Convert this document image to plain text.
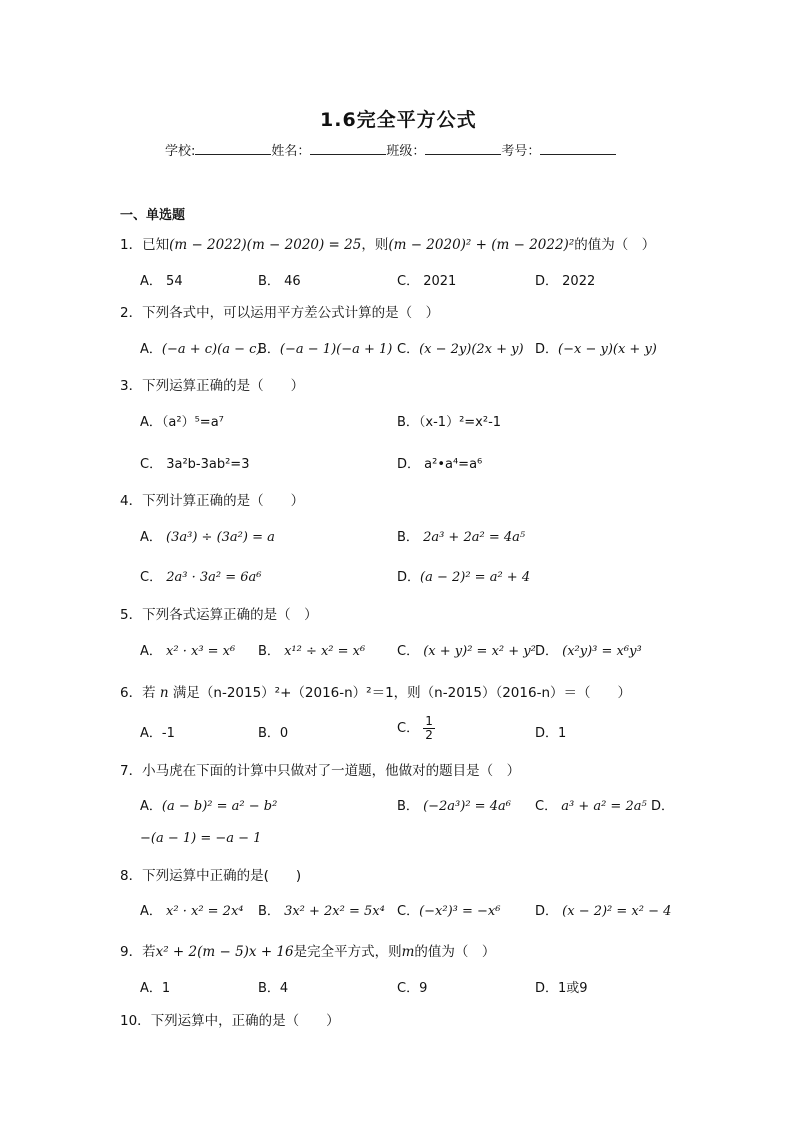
1.6完全平方公式
学校:	姓名：	班级：	考号：
一、单选题
1．已知(m − 2022)(m − 2020) = 25，则(m − 2020)² + (m − 2022)²的值为（　）
A． 54	B． 46	C． 2021	D． 2022
2．下列各式中，可以运用平方差公式计算的是（　）
A．(−a + c)(a − c)
B．(−a − 1)(−a + 1) C．(x − 2y)(2x + y) D．(−x − y)(x + y)
3．下列运算正确的是（　　）
A．（a²）⁵=a⁷	B．（x-1）²=x²-1
C． 3a²b-3ab²=3	D． a²•a⁴=a⁶
4．下列计算正确的是（　　）
A． (3a³) ÷ (3a²) = a	B． 2a³ + 2a² = 4a⁵
C． 2a³ · 3a² = 6a⁶	D．(a − 2)² = a² + 4
5．下列各式运算正确的是（　）
A． x² · x³ = x⁶ B． x¹² ÷ x² = x⁶ C． (x + y)² = x² + y² D． (x²y)³ = x⁶y³
6．若 n 满足（n-2015）²+（2016-n）²＝1，则（n-2015）（2016-n）＝（　　）
A．-1	B．0	C． $\frac{1}{2}$	D．1
7．小马虎在下面的计算中只做对了一道题，他做对的题目是（　）
A．(a − b)² = a² − b²	B． (−2a³)² = 4a⁶ C． a³ + a² = 2a⁵ D．
−(a − 1) = −a − 1
8．下列运算中正确的是(　　)
A． x² · x² = 2x⁴ B． 3x² + 2x² = 5x⁴ C．(−x²)³ = −x⁶	D． (x − 2)² = x² − 4
9．若x² + 2(m − 5)x + 16是完全平方式，则m的值为（　）
A．1	B．4	C．9	D．1或9
10．下列运算中，正确的是（　　）
